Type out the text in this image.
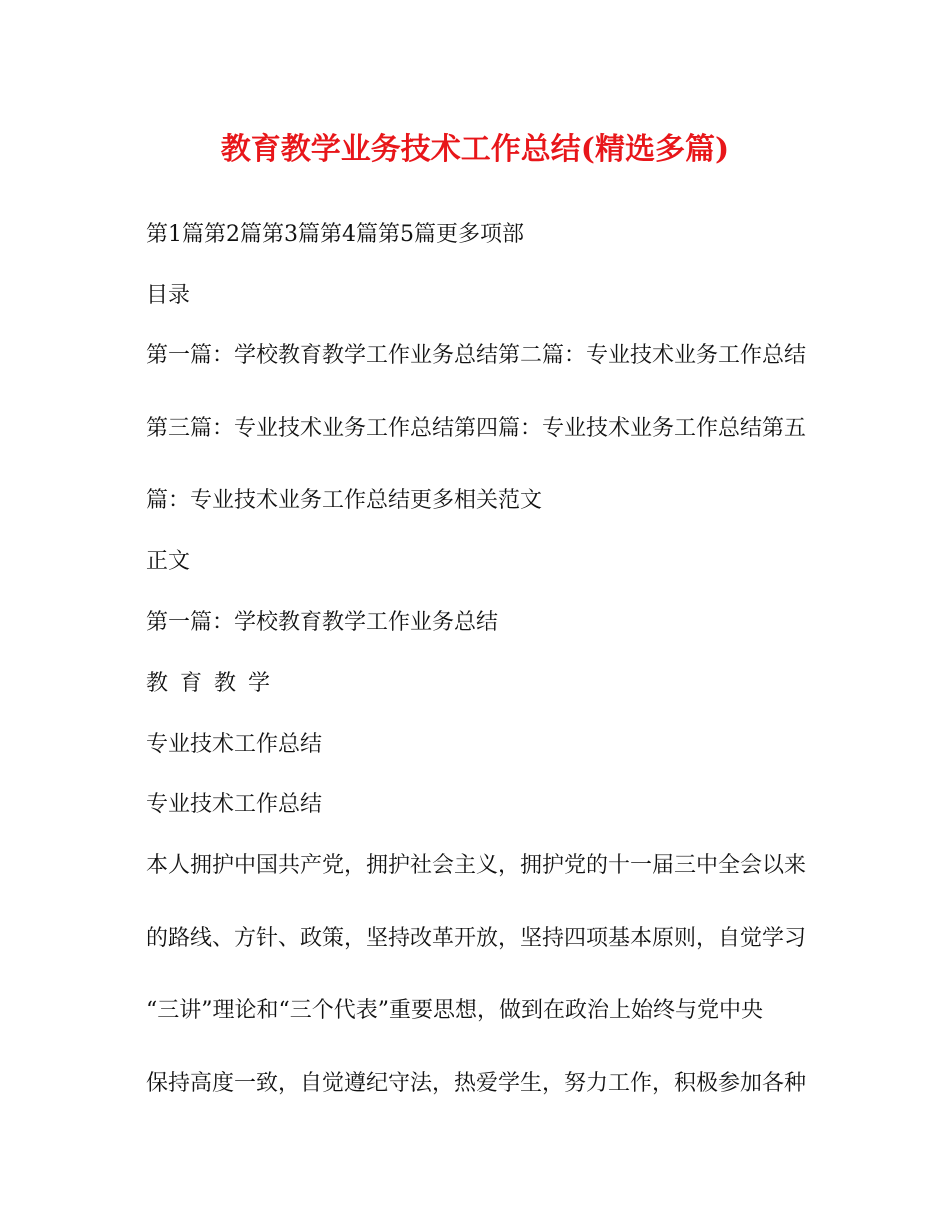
教育教学业务技术工作总结(精选多篇)
第1篇第2篇第3篇第4篇第5篇更多项部
目录
第一篇：学校教育教学工作业务总结第二篇：专业技术业务工作总结
第三篇：专业技术业务工作总结第四篇：专业技术业务工作总结第五
篇：专业技术业务工作总结更多相关范文
正文
第一篇：学校教育教学工作业务总结
教育教学
专业技术工作总结
专业技术工作总结
本人拥护中国共产党，拥护社会主义，拥护党的十一届三中全会以来
的路线、方针、政策，坚持改革开放，坚持四项基本原则，自觉学习
“三讲”理论和“三个代表”重要思想，做到在政治上始终与党中央
保持高度一致，自觉遵纪守法，热爱学生，努力工作，积极参加各种
